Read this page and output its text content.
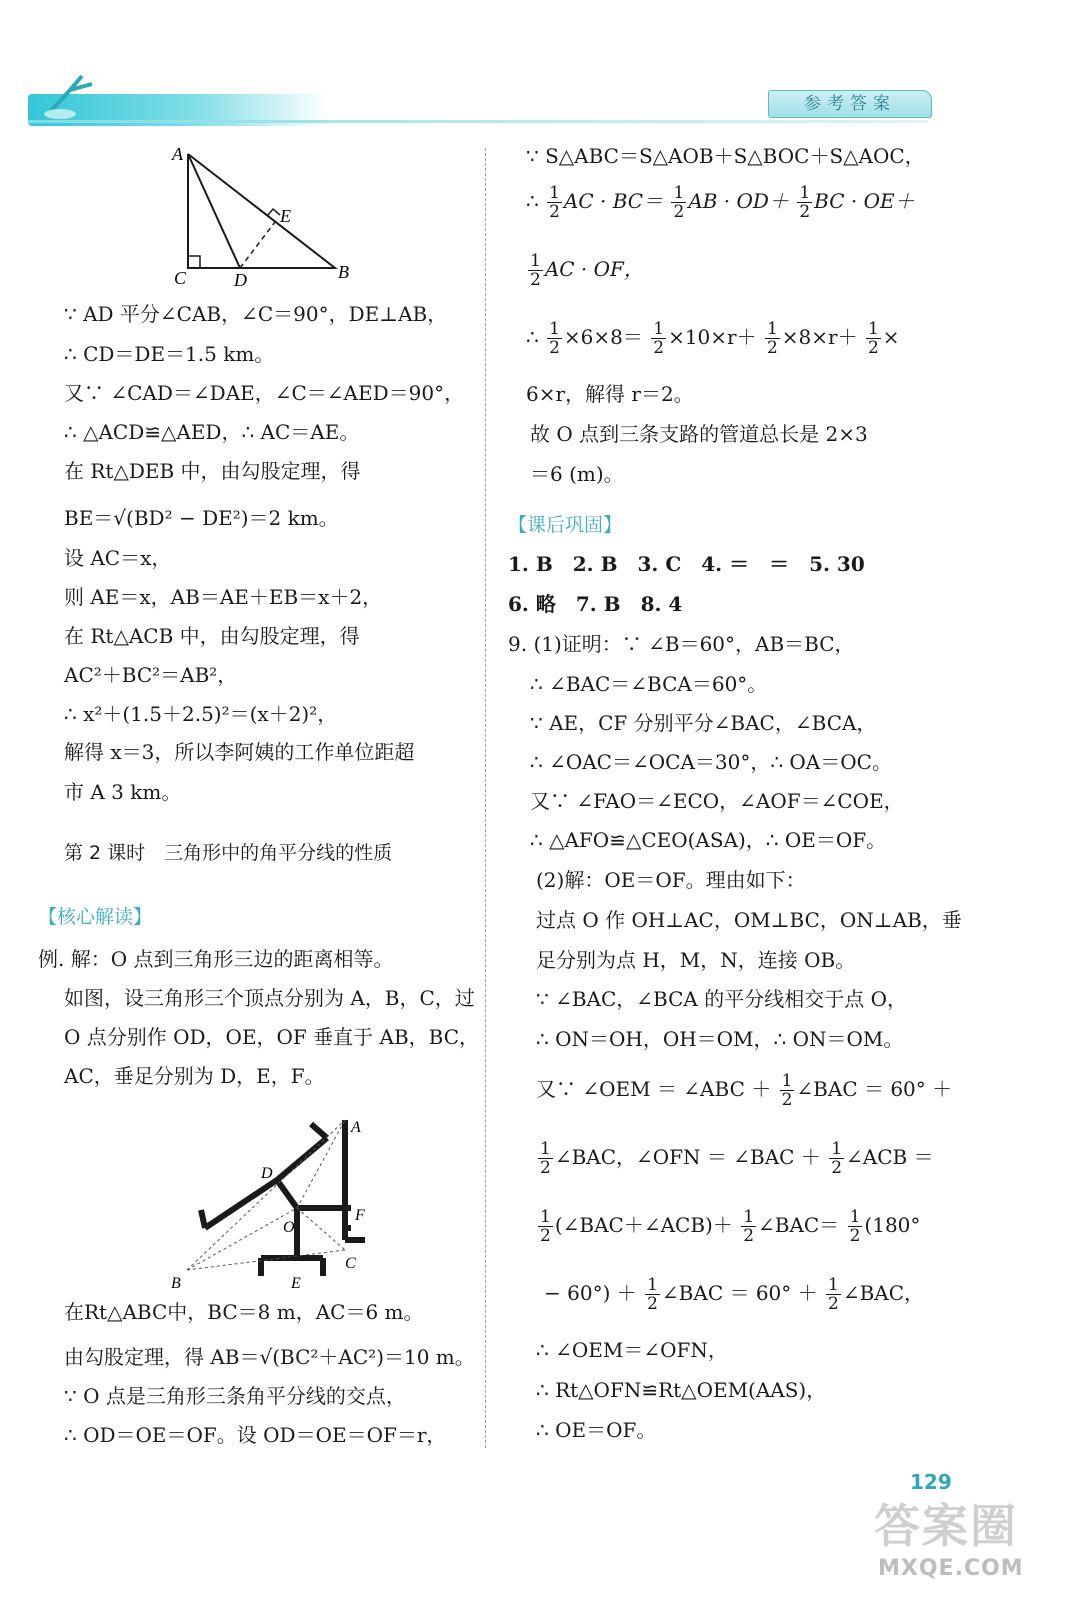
参考答案
A
E
C	D	B
∵ AD 平分∠CAB，∠C＝90°，DE⊥AB，
∴ CD＝DE＝1.5 km。
又∵ ∠CAD＝∠DAE，∠C＝∠AED＝90°，
∴ △ACD≌△AED，∴ AC＝AE。
在 Rt△DEB 中，由勾股定理，得
BE＝√(BD² − DE²)＝2 km。
设 AC＝x，
则 AE＝x，AB＝AE＋EB＝x＋2，
在 Rt△ACB 中，由勾股定理，得
AC²＋BC²＝AB²，
∴ x²＋(1.5＋2.5)²＝(x＋2)²，
解得 x＝3，所以李阿姨的工作单位距超
市 A 3 km。
第 2 课时　三角形中的角平分线的性质
【核心解读】
例. 解：O 点到三角形三边的距离相等。
如图，设三角形三个顶点分别为 A，B，C，过
O 点分别作 OD，OE，OF 垂直于 AB，BC，
AC，垂足分别为 D，E，F。
A
D
F
O
B
C
E
在Rt△ABC中，BC＝8 m，AC＝6 m。
由勾股定理，得 AB＝√(BC²＋AC²)＝10 m。
∵ O 点是三角形三条角平分线的交点，
∴ OD＝OE＝OF。设 OD＝OE＝OF＝r，
∵ S△ABC＝S△AOB＋S△BOC＋S△AOC，
∴ $\frac{1}{2}$ AC · $BC= \frac{1}{2}$ AB · $OD+ \frac{1}{2}$ BC · OE＋
$\frac{1}{2}$ AC · OF，
∴ $\frac{1}{2} \times 6\times 8= \frac{1}{2} \times 10\times r+ \frac{1}{2} \times 8\times r+ \frac{1}{2}$ ×
6×r，解得 r＝2。
故 O 点到三条支路的管道总长是 2×3
＝6 (m)。
【课后巩固】
1. B　2. B　3. C　4. ＝　＝　5. 30
6. 略　7. B　8. 4
9. (1)证明：∵ ∠B＝60°，AB＝BC，
∴ ∠BAC＝∠BCA＝60°。
∵ AE，CF 分别平分∠BAC，∠BCA，
∴ ∠OAC＝∠OCA＝30°，∴ OA＝OC。
又∵ ∠FAO＝∠ECO，∠AOF＝∠COE，
∴ △AFO≌△CEO(ASA)，∴ OE＝OF。
(2)解：OE＝OF。理由如下：
过点 O 作 OH⊥AC，OM⊥BC，ON⊥AB，垂
足分别为点 H，M，N，连接 OB。
∵ ∠BAC，∠BCA 的平分线相交于点 O，
∴ ON＝OH，OH＝OM，∴ ON＝OM。
又∵ ∠OEM ＝ ∠ABC ＋ $\frac{1}{2}$ ∠BAC ＝ 60° ＋
$\frac{1}{2}$ ∠BAC，∠OFN ＝ ∠BAC ＋ $\frac{1}{2}$ ∠ACB ＝
$\frac{1}{2}$ (∠BAC＋∠ACB)＋ $\frac{1}{2}$ ∠BAC＝ $\frac{1}{2} (180^\circ$
− $60^\circ) + \frac{1}{2}$ ∠BAC ＝ $60^\circ + \frac{1}{2}$ ∠BAC，
∴ ∠OEM＝∠OFN，
∴ Rt△OFN≌Rt△OEM(AAS)，
∴ OE＝OF。
129
答案圈
MXQE.COM
